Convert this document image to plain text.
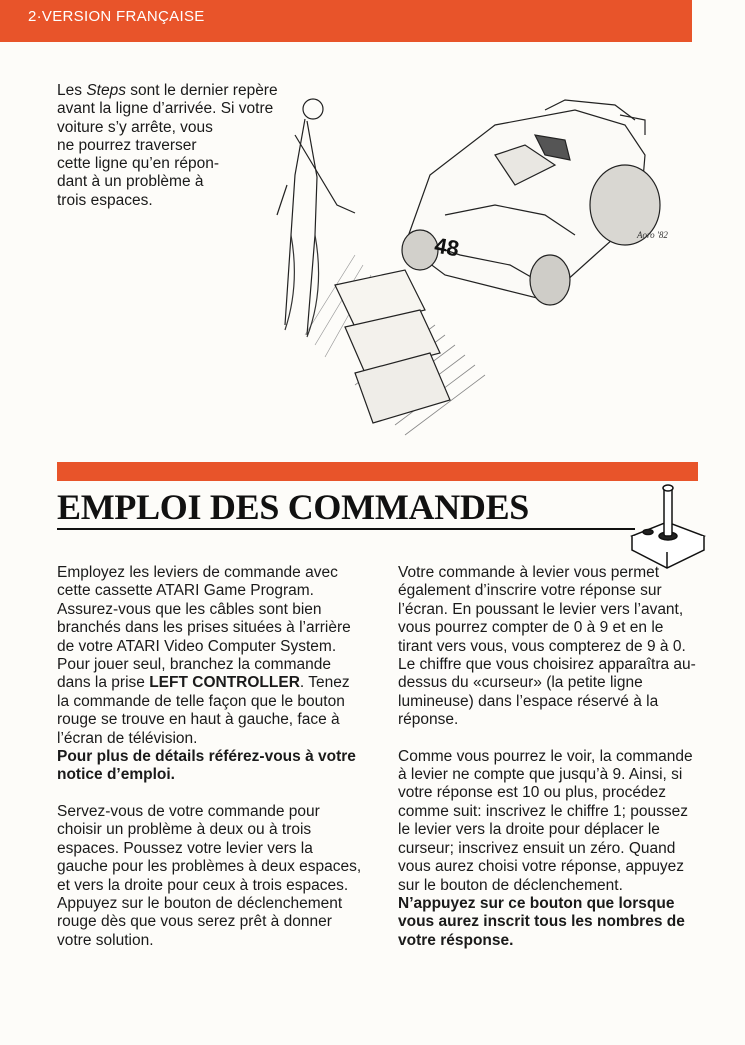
2·VERSION FRANÇAISE
Les Steps sont le dernier repère
avant la ligne d’arrivée. Si votre
voiture s’y arrête, vous
ne pourrez traverser
cette ligne qu’en répon-
dant à un problème à
trois espaces.
48	Aoro '82
EMPLOI DES COMMANDES

Employez les leviers de commande avec cette cassette ATARI Game Program. Assurez-vous que les câbles sont bien branchés dans les prises situées à l’arrière de votre ATARI Video Computer System. Pour jouer seul, branchez la commande dans la prise LEFT CONTROLLER. Tenez la commande de telle façon que le bouton rouge se trouve en haut à gauche, face à l’écran de télévision.
Pour plus de détails référez-vous à votre notice d’emploi.

Servez-vous de votre commande pour choisir un problème à deux ou à trois espaces. Poussez votre levier vers la gauche pour les problèmes à deux espaces, et vers la droite pour ceux à trois espaces. Appuyez sur le bouton de déclenchement rouge dès que vous serez prêt à donner votre solution.

Votre commande à levier vous permet également d’inscrire votre réponse sur l’écran. En poussant le levier vers l’avant, vous pourrez compter de 0 à 9 et en le tirant vers vous, vous compterez de 9 à 0. Le chiffre que vous choisirez apparaîtra au-dessus du «curseur» (la petite ligne lumineuse) dans l’espace réservé à la réponse.

Comme vous pourrez le voir, la commande à levier ne compte que jusqu’à 9. Ainsi, si votre réponse est 10 ou plus, procédez comme suit: inscrivez le chiffre 1; poussez le levier vers la droite pour déplacer le curseur; inscrivez ensuit un zéro. Quand vous aurez choisi votre réponse, appuyez sur le bouton de déclenchement. N’appuyez sur ce bouton que lorsque vous aurez inscrit tous les nombres de votre résponse.
